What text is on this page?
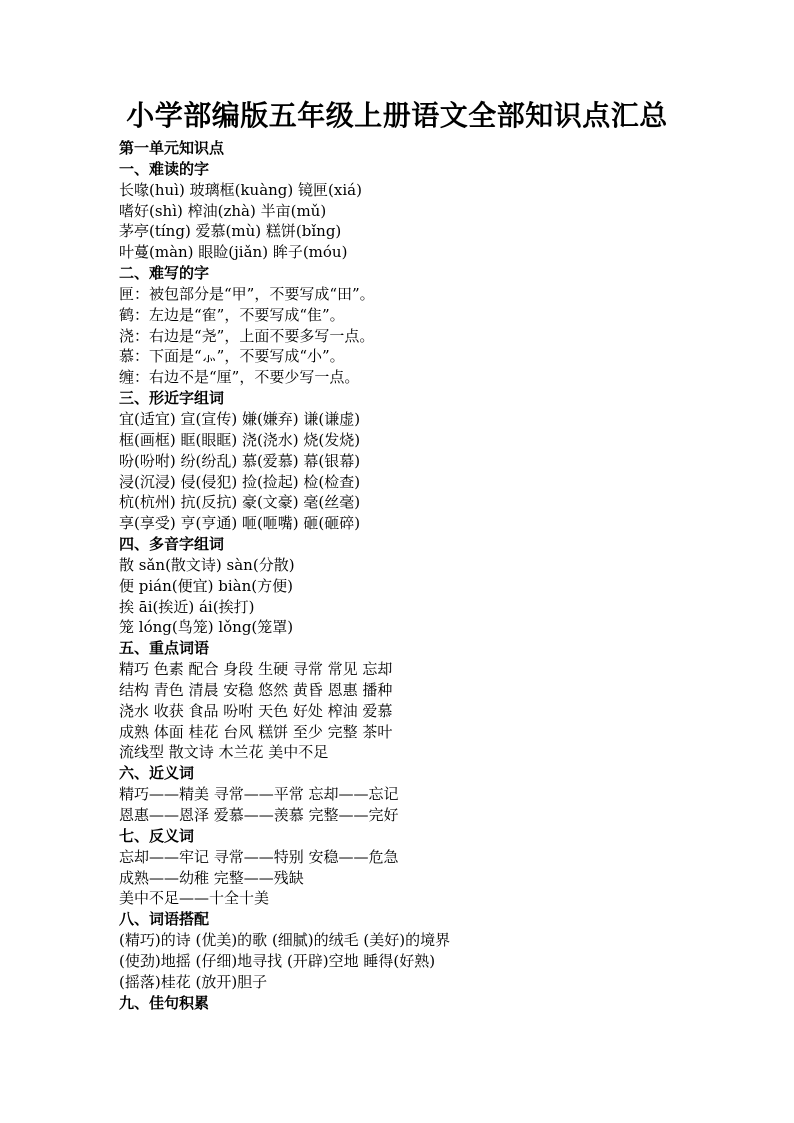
小学部编版五年级上册语文全部知识点汇总
第一单元知识点
一、难读的字
长喙(huì) 玻璃框(kuàng) 镜匣(xiá)
嗜好(shì) 榨油(zhà) 半亩(mǔ)
茅亭(tíng) 爱慕(mù) 糕饼(bǐng)
叶蔓(màn) 眼睑(jiǎn) 眸子(móu)
二、难写的字
匣：被包部分是“甲”，不要写成“田”。
鹤：左边是“隺”，不要写成“隹”。
浇：右边是“尧”，上面不要多写一点。
慕：下面是“⺗”，不要写成“小”。
缠：右边不是“厘”，不要少写一点。
三、形近字组词
宜(适宜) 宣(宣传) 嫌(嫌弃) 谦(谦虚)
框(画框) 眶(眼眶) 浇(浇水) 烧(发烧)
吩(吩咐) 纷(纷乱) 慕(爱慕) 幕(银幕)
浸(沉浸) 侵(侵犯) 捡(捡起) 检(检查)
杭(杭州) 抗(反抗) 豪(文豪) 毫(丝毫)
享(享受) 亨(亨通) 咂(咂嘴) 砸(砸碎)
四、多音字组词
散 sǎn(散文诗) sàn(分散)
便 pián(便宜) biàn(方便)
挨 āi(挨近) ái(挨打)
笼 lóng(鸟笼) lǒng(笼罩)
五、重点词语
精巧 色素 配合 身段 生硬 寻常 常见 忘却
结构 青色 清晨 安稳 悠然 黄昏 恩惠 播种
浇水 收获 食品 吩咐 天色 好处 榨油 爱慕
成熟 体面 桂花 台风 糕饼 至少 完整 茶叶
流线型 散文诗 木兰花 美中不足
六、近义词
精巧——精美 寻常——平常 忘却——忘记
恩惠——恩泽 爱慕——羡慕 完整——完好
七、反义词
忘却——牢记 寻常——特别 安稳——危急
成熟——幼稚 完整——残缺
美中不足——十全十美
八、词语搭配
(精巧)的诗 (优美)的歌 (细腻)的绒毛 (美好)的境界
(使劲)地摇 (仔细)地寻找 (开辟)空地 睡得(好熟)
(摇落)桂花 (放开)胆子
九、佳句积累
